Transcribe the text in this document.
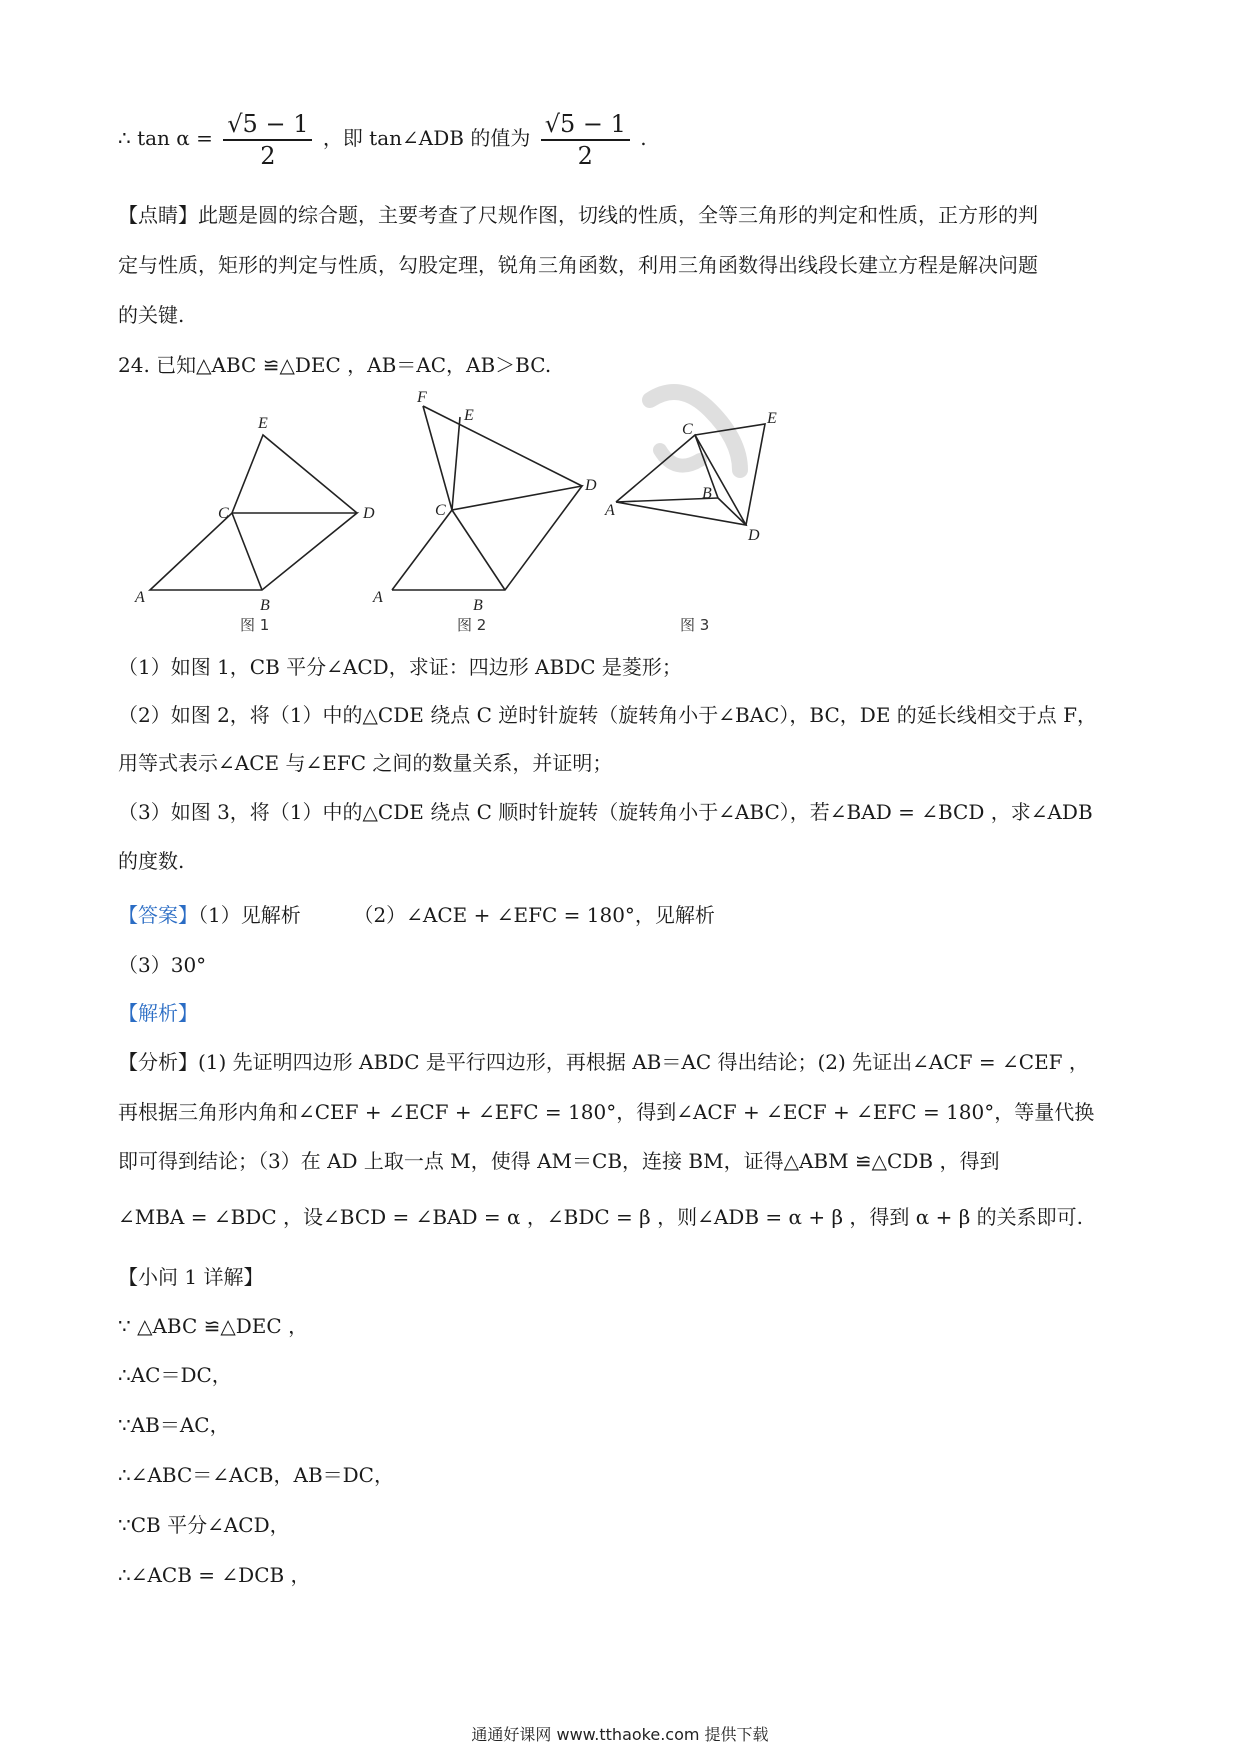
∴ $\tan \alpha = \frac{√5 - 1}{2}$ ，即 tan∠ADB 的值为 $\frac{√5 - 1}{2}$ .
【点睛】此题是圆的综合题，主要考查了尺规作图，切线的性质，全等三角形的判定和性质，正方形的判
定与性质，矩形的判定与性质，勾股定理，锐角三角函数，利用三角函数得出线段长建立方程是解决问题
的关键.
24. 已知△ABC ≌△DEC ，AB＝AC，AB＞BC.
A	B
C	D
E
图 1
A	B
C
D
E
F
图 2
A
B
C
D
E
图 3
（1）如图 1，CB 平分∠ACD，求证：四边形 ABDC 是菱形；
（2）如图 2，将（1）中的△CDE 绕点 C 逆时针旋转（旋转角小于∠BAC），BC，DE 的延长线相交于点 F，
用等式表示∠ACE 与∠EFC 之间的数量关系，并证明；
（3）如图 3，将（1）中的△CDE 绕点 C 顺时针旋转（旋转角小于∠ABC），若∠BAD = ∠BCD ，求∠ADB
的度数.
【答案】（1）见解析	（2）∠ACE + ∠EFC = 180°，见解析
（3）30°
【解析】
【分析】(1) 先证明四边形 ABDC 是平行四边形，再根据 AB＝AC 得出结论；(2) 先证出∠ACF = ∠CEF ，
再根据三角形内角和∠CEF + ∠ECF + ∠EFC = 180°，得到∠ACF + ∠ECF + ∠EFC = 180°，等量代换
即可得到结论；（3）在 AD 上取一点 M，使得 AM＝CB，连接 BM，证得△ABM ≌△CDB ，得到
∠MBA = ∠BDC ，设∠BCD = ∠BAD = α ，∠BDC = β ，则∠ADB = α + β ，得到 α + β 的关系即可.
【小问 1 详解】
∵ △ABC ≌△DEC ，
∴AC＝DC，
∵AB＝AC，
∴∠ABC＝∠ACB，AB＝DC，
∵CB 平分∠ACD，
∴∠ACB = ∠DCB ，
通通好课网 www.tthaoke.com 提供下载
